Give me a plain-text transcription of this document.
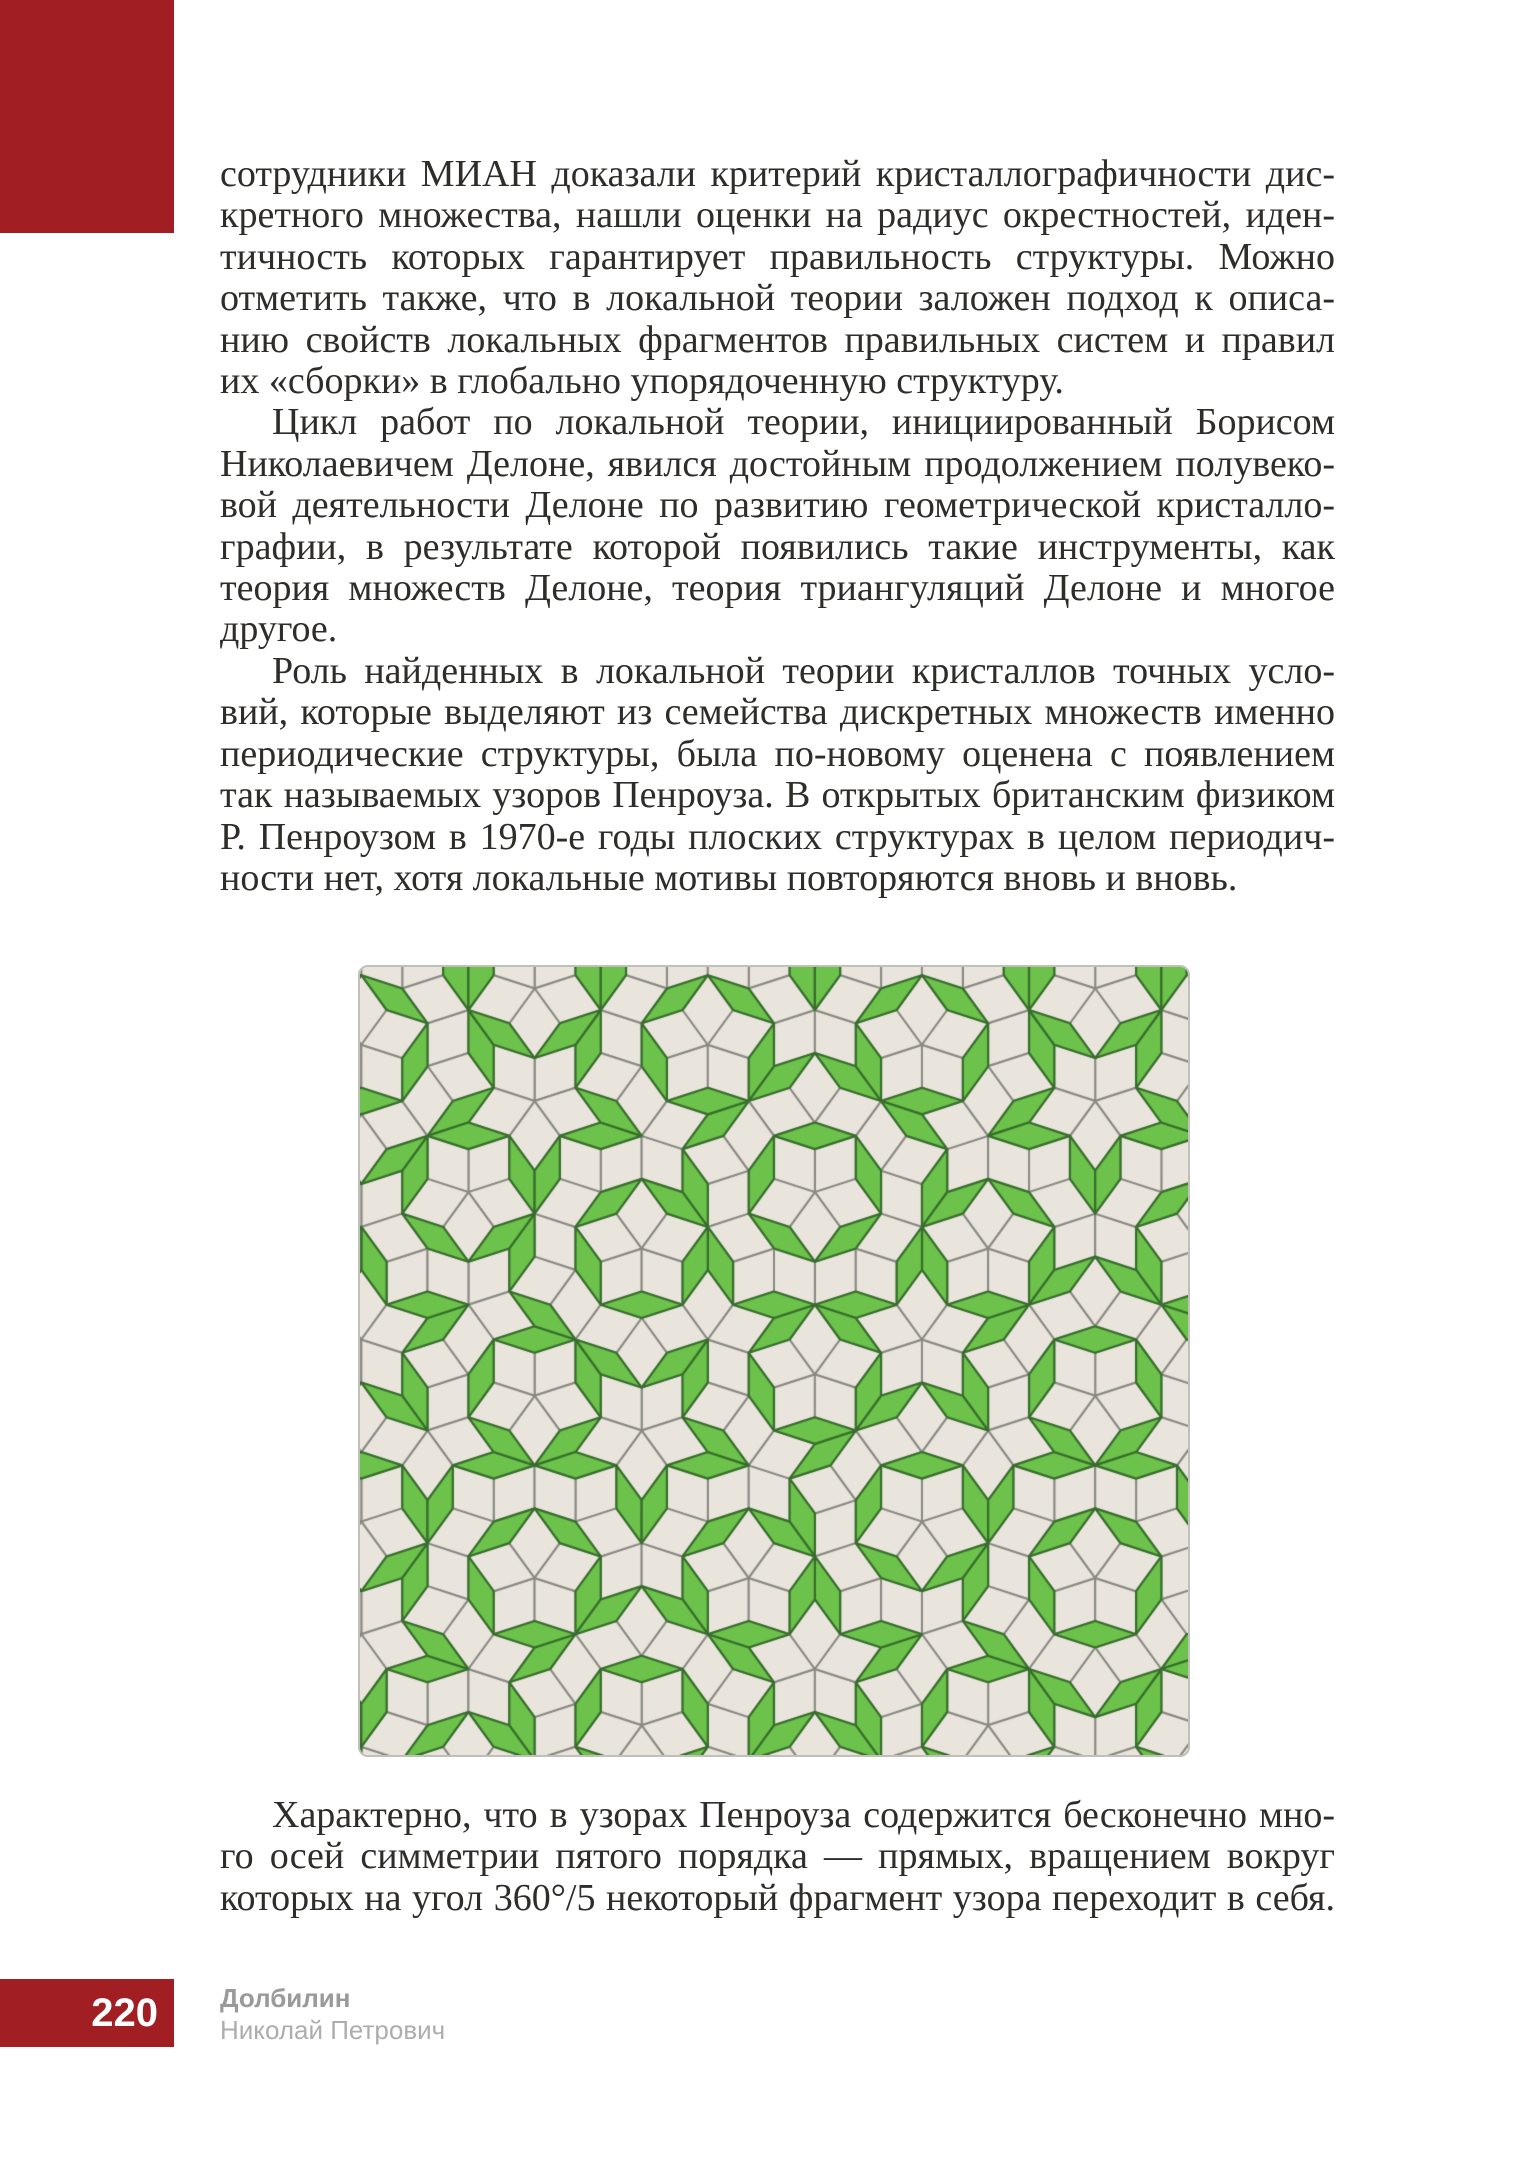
сотрудники МИАН доказали критерий кристаллографичности дис-
кретного множества, нашли оценки на радиус окрестностей, иден-
тичность которых гарантирует правильность структуры. Можно
отметить также, что в локальной теории заложен подход к описа-
нию свойств локальных фрагментов правильных систем и правил
их «сборки» в глобально упорядоченную структуру.
Цикл работ по локальной теории, инициированный Борисом
Николаевичем Делоне, явился достойным продолжением полувеко-
вой деятельности Делоне по развитию геометрической кристалло-
графии, в результате которой появились такие инструменты, как
теория множеств Делоне, теория триангуляций Делоне и многое
другое.
Роль найденных в локальной теории кристаллов точных усло-
вий, которые выделяют из семейства дискретных множеств именно
периодические структуры, была по-новому оценена с появлением
так называемых узоров Пенроуза. В открытых британским физиком
Р. Пенроузом в 1970-е годы плоских структурах в целом периодич-
ности нет, хотя локальные мотивы повторяются вновь и вновь.
Характерно, что в узорах Пенроуза содержится бесконечно мно-
го осей симметрии пятого порядка — прямых, вращением вокруг
которых на угол 360°/5 некоторый фрагмент узора переходит в себя.
220	Долбилин
Николай Петрович
